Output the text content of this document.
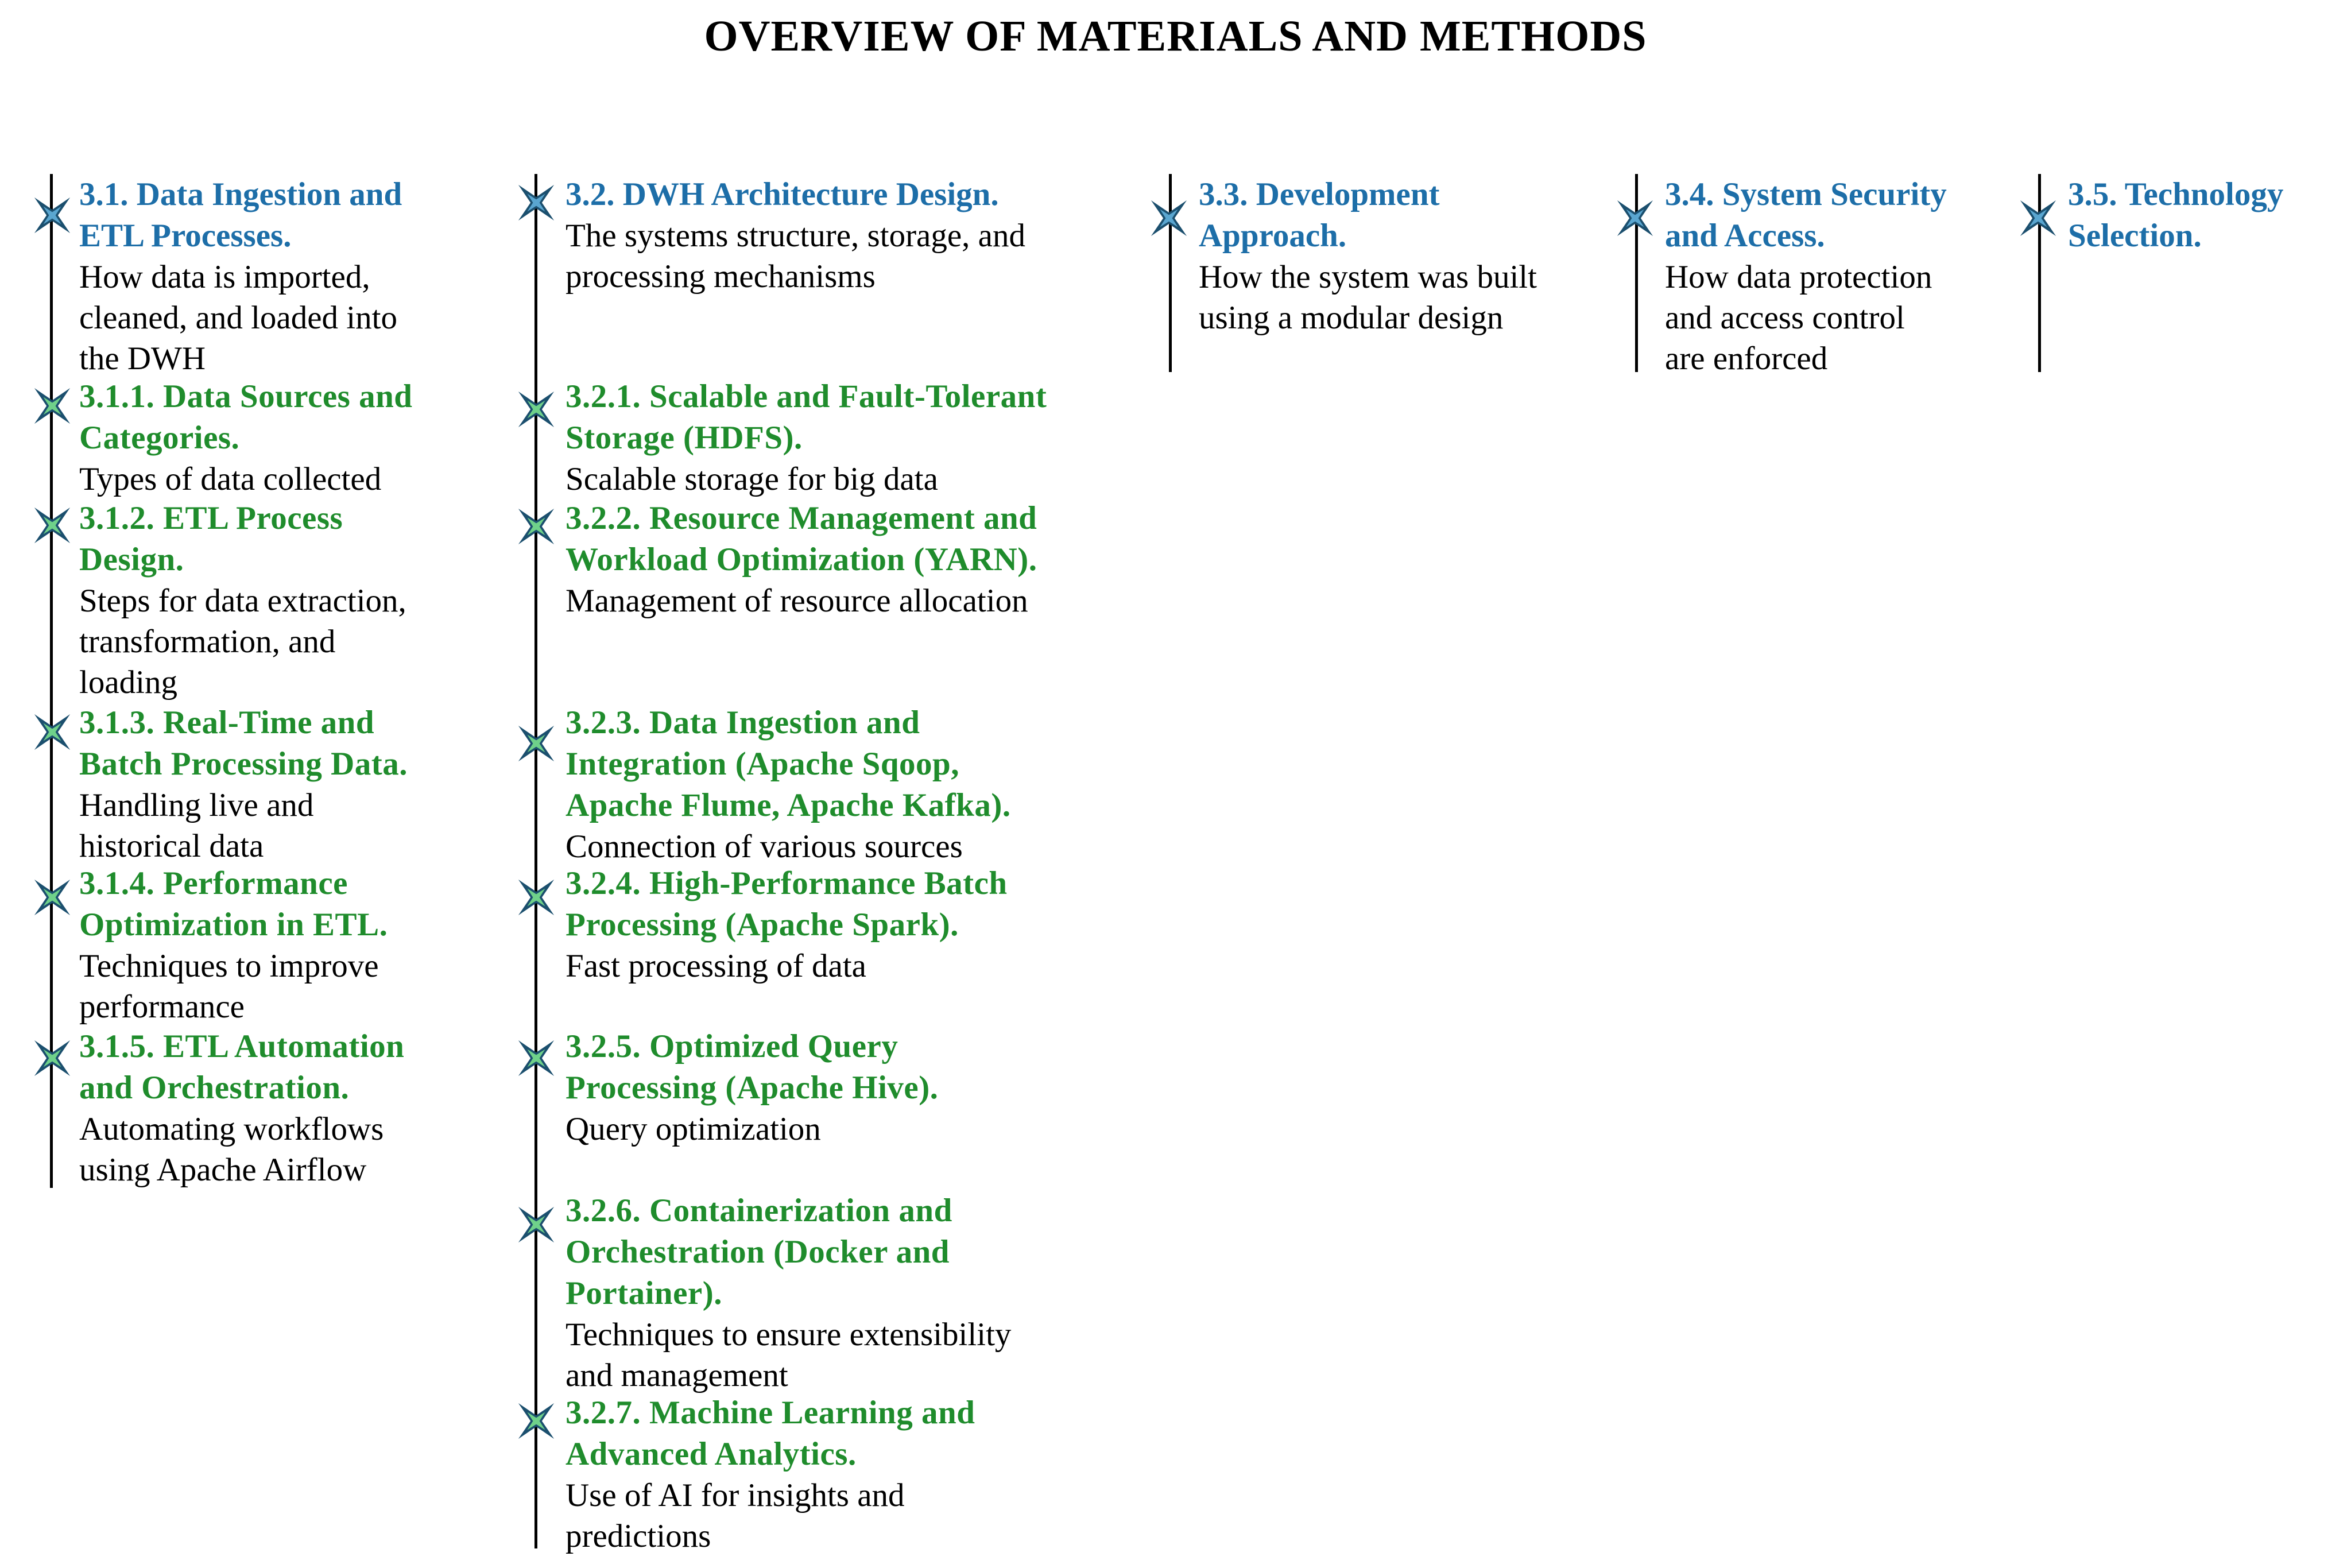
OVERVIEW OF MATERIALS AND METHODS
3.1. Data Ingestion and
ETL Processes.
How data is imported,
cleaned, and loaded into
the DWH
3.1.1. Data Sources and
Categories.
Types of data collected
3.1.2. ETL Process
Design.
Steps for data extraction,
transformation, and
loading
3.1.3. Real-Time and
Batch Processing Data.
Handling live and
historical data
3.1.4. Performance
Optimization in ETL.
Techniques to improve
performance
3.1.5. ETL Automation
and Orchestration.
Automating workflows
using Apache Airflow
3.2. DWH Architecture Design.
The systems structure, storage, and
processing mechanisms
3.2.1. Scalable and Fault-Tolerant
Storage (HDFS).
Scalable storage for big data
3.2.2. Resource Management and
Workload Optimization (YARN).
Management of resource allocation
3.2.3. Data Ingestion and
Integration (Apache Sqoop,
Apache Flume, Apache Kafka).
Connection of various sources
3.2.4. High-Performance Batch
Processing (Apache Spark).
Fast processing of data
3.2.5. Optimized Query
Processing (Apache Hive).
Query optimization
3.2.6. Containerization and
Orchestration (Docker and
Portainer).
Techniques to ensure extensibility
and management
3.2.7. Machine Learning and
Advanced Analytics.
Use of AI for insights and
predictions
3.3. Development
Approach.
How the system was built
using a modular design
3.4. System Security
and Access.
How data protection
and access control
are enforced
3.5. Technology
Selection.
